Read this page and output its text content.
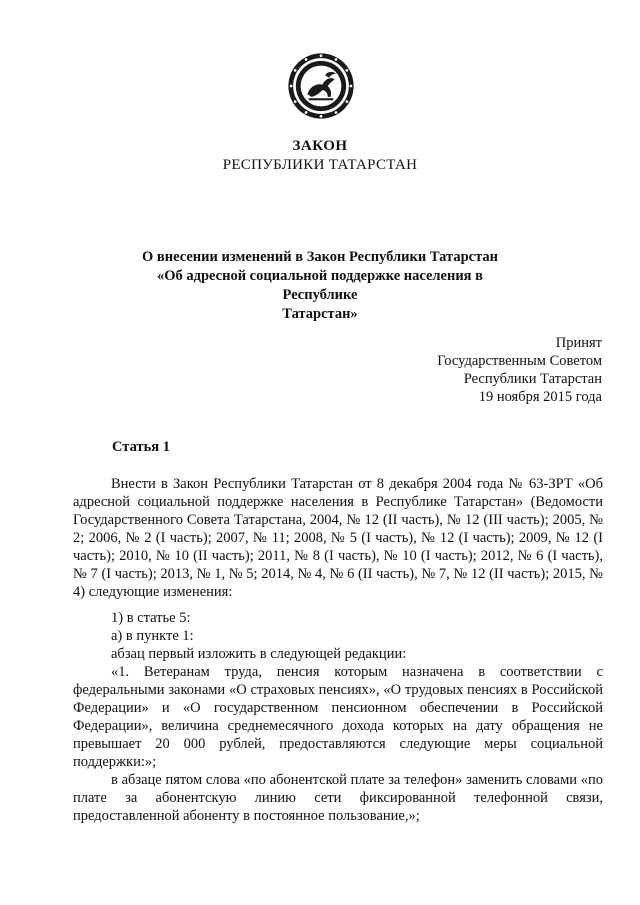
ЗАКОН
РЕСПУБЛИКИ ТАТАРСТАН
О внесении изменений в Закон Республики Татарстан
«Об адресной социальной поддержке населения в Республике
Татарстан»
Принят
Государственным Советом
Республики Татарстан
19 ноября 2015 года
Статья 1

Внести в Закон Республики Татарстан от 8 декабря 2004 года № 63-ЗРТ «Об адресной социальной поддержке населения в Республике Татарстан» (Ведомости Государственного Совета Татарстана, 2004, № 12 (II часть), № 12 (III часть); 2005, № 2; 2006, № 2 (I часть); 2007, № 11; 2008, № 5 (I часть), № 12 (I часть); 2009, № 12 (I часть); 2010, № 10 (II часть); 2011, № 8 (I часть), № 10 (I часть); 2012, № 6 (I часть), № 7 (I часть); 2013, № 1, № 5; 2014, № 4, № 6 (II часть), № 7, № 12 (II часть); 2015, № 4) следующие изменения:

1) в статье 5:

а) в пункте 1:

абзац первый изложить в следующей редакции:

«1. Ветеранам труда, пенсия которым назначена в соответствии с федеральными законами «О страховых пенсиях», «О трудовых пенсиях в Российской Федерации» и «О государственном пенсионном обеспечении в Российской Федерации», величина среднемесячного дохода которых на дату обращения не превышает 20 000 рублей, предоставляются следующие меры социальной поддержки:»;

в абзаце пятом слова «по абонентской плате за телефон» заменить словами «по плате за абонентскую линию сети фиксированной телефонной связи, предоставленной абоненту в постоянное пользование,»;
